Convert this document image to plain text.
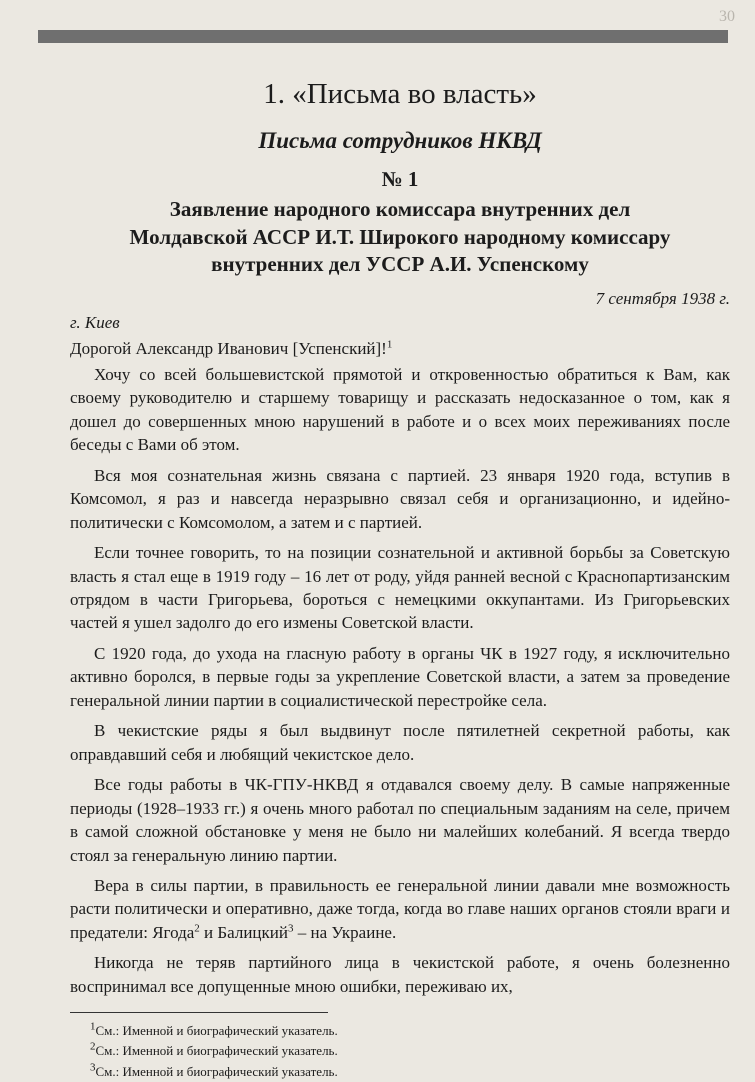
30
1. «Письма во власть»
Письма сотрудников НКВД
№ 1
Заявление народного комиссара внутренних дел
Молдавской АССР И.Т. Широкого народному комиссару
внутренних дел УССР А.И. Успенскому
7 сентября 1938 г.
г. Киев
Дорогой Александр Иванович [Успенский]!$^1$

Хочу со всей большевистской прямотой и откровенностью обратиться к Вам, как своему руководителю и старшему товарищу и рассказать недосказанное о том, как я дошел до совершенных мною нарушений в работе и о всех моих переживаниях после беседы с Вами об этом.

Вся моя сознательная жизнь связана с партией. 23 января 1920 года, вступив в Комсомол, я раз и навсегда неразрывно связал себя и организационно, и идейно-политически с Комсомолом, а затем и с партией.

Если точнее говорить, то на позиции сознательной и активной борьбы за Советскую власть я стал еще в 1919 году – 16 лет от роду, уйдя ранней весной с Краснопартизанским отрядом в части Григорьева, бороться с немецкими оккупантами. Из Григорьевских частей я ушел задолго до его измены Советской власти.

С 1920 года, до ухода на гласную работу в органы ЧК в 1927 году, я исключительно активно боролся, в первые годы за укрепление Советской власти, а затем за проведение генеральной линии партии в социалистической перестройке села.

В чекистские ряды я был выдвинут после пятилетней секретной работы, как оправдавший себя и любящий чекистское дело.

Все годы работы в ЧК-ГПУ-НКВД я отдавался своему делу. В самые напряженные периоды (1928–1933 гг.) я очень много работал по специальным заданиям на селе, причем в самой сложной обстановке у меня не было ни малейших колебаний. Я всегда твердо стоял за генеральную линию партии.

Вера в силы партии, в правильность ее генеральной линии давали мне возможность расти политически и оперативно, даже тогда, когда во главе наших органов стояли враги и предатели: Ягода$^2$ и Балицкий$^3$ – на Украине.

Никогда не теряв партийного лица в чекистской работе, я очень болезненно воспринимал все допущенные мною ошибки, переживаю их,

$^1$См.: Именной и биографический указатель.
$^2$См.: Именной и биографический указатель.
$^3$См.: Именной и биографический указатель.
